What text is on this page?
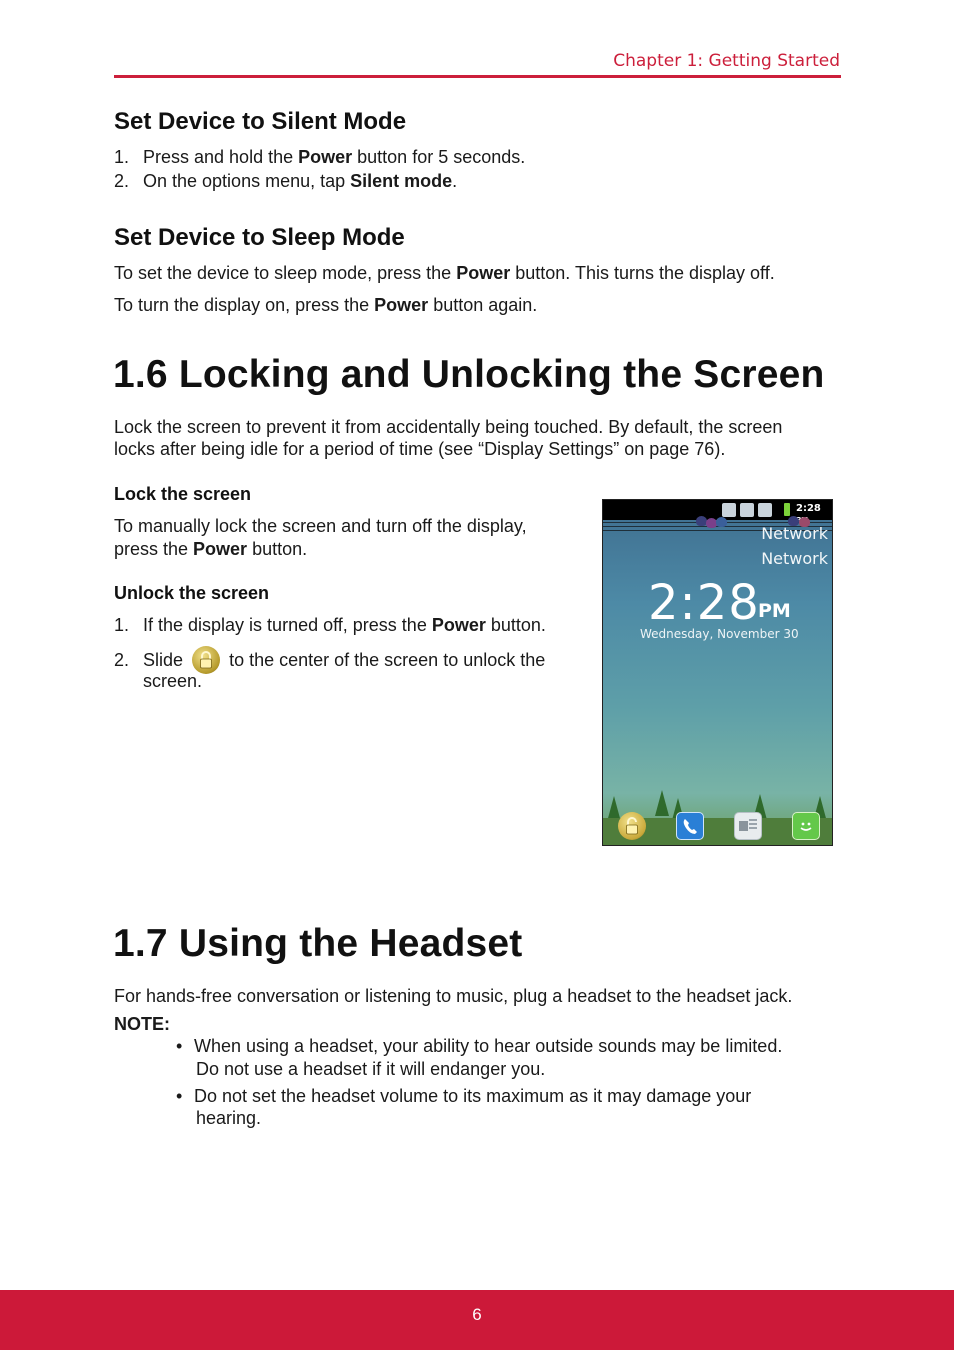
Chapter 1: Getting Started
Set Device to Silent Mode
1. Press and hold the Power button for 5 seconds.
2. On the options menu, tap Silent mode.
Set Device to Sleep Mode
To set the device to sleep mode, press the Power button. This turns the display off.
To turn the display on, press the Power button again.
1.6 Locking and Unlocking the Screen
Lock the screen to prevent it from accidentally being touched. By default, the screen
locks after being idle for a period of time (see “Display Settings” on page 76).
Lock the screen
To manually lock the screen and turn off the display,
press the Power button.
Unlock the screen
1. If the display is turned off, press the Power button.
2. Slide	to the center of the screen to unlock the
screen.
2:28
Network
Network
2:28
PM
Wednesday, November 30
1.7 Using the Headset
For hands-free conversation or listening to music, plug a headset to the headset jack.
NOTE:
• When using a headset, your ability to hear outside sounds may be limited.
Do not use a headset if it will endanger you.
• Do not set the headset volume to its maximum as it may damage your
hearing.
6
